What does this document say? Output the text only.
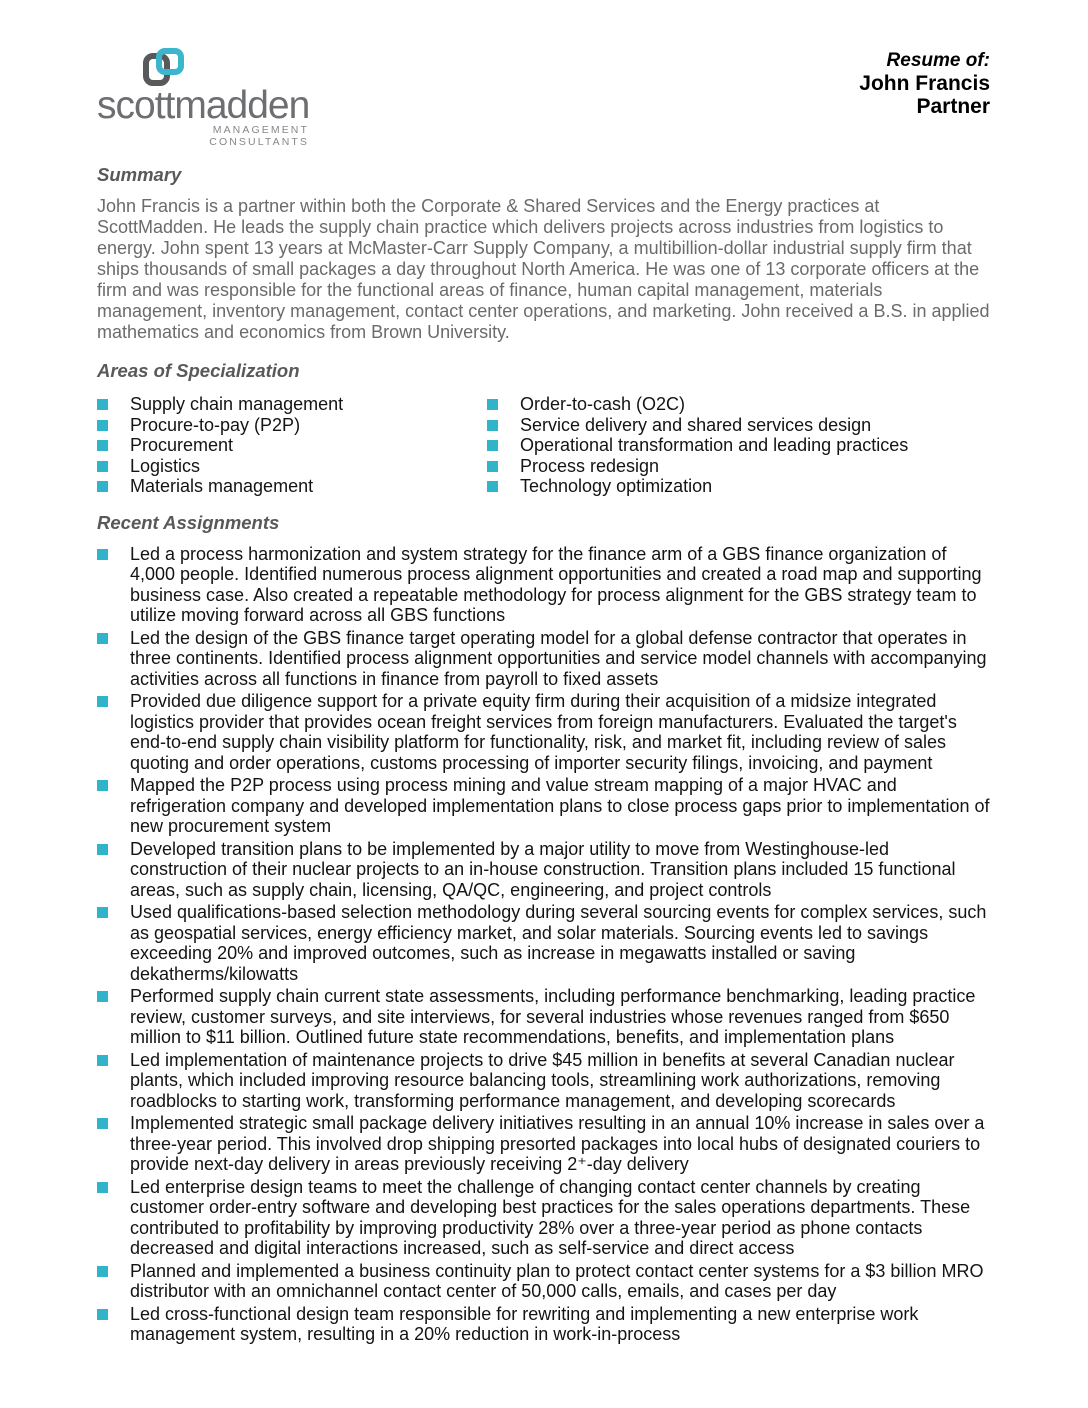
scottmadden
MANAGEMENT CONSULTANTS
Resume of:
John Francis
Partner
Summary
John Francis is a partner within both the Corporate & Shared Services and the Energy practices at ScottMadden. He leads the supply chain practice which delivers projects across industries from logistics to energy. John spent 13 years at McMaster-Carr Supply Company, a multibillion-dollar industrial supply firm that ships thousands of small packages a day throughout North America. He was one of 13 corporate officers at the firm and was responsible for the functional areas of finance, human capital management, materials management, inventory management, contact center operations, and marketing. John received a B.S. in applied mathematics and economics from Brown University.
Areas of Specialization
Supply chain management
Procure-to-pay (P2P)
Procurement
Logistics
Materials management
Order-to-cash (O2C)
Service delivery and shared services design
Operational transformation and leading practices
Process redesign
Technology optimization
Recent Assignments
Led a process harmonization and system strategy for the finance arm of a GBS finance organization of 4,000 people. Identified numerous process alignment opportunities and created a road map and supporting business case. Also created a repeatable methodology for process alignment for the GBS strategy team to utilize moving forward across all GBS functions
Led the design of the GBS finance target operating model for a global defense contractor that operates in three continents. Identified process alignment opportunities and service model channels with accompanying activities across all functions in finance from payroll to fixed assets
Provided due diligence support for a private equity firm during their acquisition of a midsize integrated logistics provider that provides ocean freight services from foreign manufacturers. Evaluated the target's end-to-end supply chain visibility platform for functionality, risk, and market fit, including review of sales quoting and order operations, customs processing of importer security filings, invoicing, and payment
Mapped the P2P process using process mining and value stream mapping of a major HVAC and refrigeration company and developed implementation plans to close process gaps prior to implementation of new procurement system
Developed transition plans to be implemented by a major utility to move from Westinghouse-led construction of their nuclear projects to an in-house construction. Transition plans included 15 functional areas, such as supply chain, licensing, QA/QC, engineering, and project controls
Used qualifications-based selection methodology during several sourcing events for complex services, such as geospatial services, energy efficiency market, and solar materials. Sourcing events led to savings exceeding 20% and improved outcomes, such as increase in megawatts installed or saving dekatherms/kilowatts
Performed supply chain current state assessments, including performance benchmarking, leading practice review, customer surveys, and site interviews, for several industries whose revenues ranged from $650 million to $11 billion. Outlined future state recommendations, benefits, and implementation plans
Led implementation of maintenance projects to drive $45 million in benefits at several Canadian nuclear plants, which included improving resource balancing tools, streamlining work authorizations, removing roadblocks to starting work, transforming performance management, and developing scorecards
Implemented strategic small package delivery initiatives resulting in an annual 10% increase in sales over a three-year period. This involved drop shipping presorted packages into local hubs of designated couriers to provide next-day delivery in areas previously receiving 2⁺-day delivery
Led enterprise design teams to meet the challenge of changing contact center channels by creating customer order-entry software and developing best practices for the sales operations departments. These contributed to profitability by improving productivity 28% over a three-year period as phone contacts decreased and digital interactions increased, such as self-service and direct access
Planned and implemented a business continuity plan to protect contact center systems for a $3 billion MRO distributor with an omnichannel contact center of 50,000 calls, emails, and cases per day
Led cross-functional design team responsible for rewriting and implementing a new enterprise work management system, resulting in a 20% reduction in work-in-process
